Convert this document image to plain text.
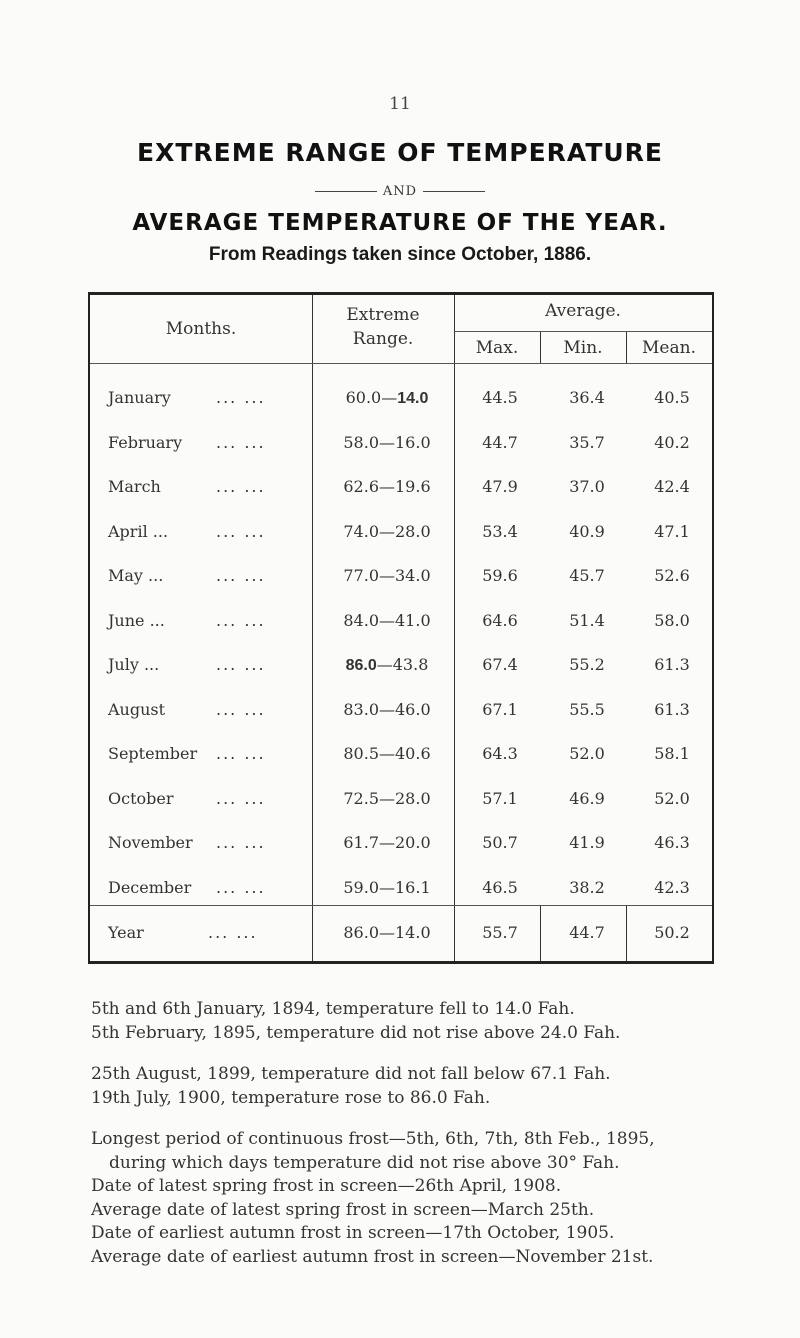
11
EXTREME RANGE OF TEMPERATURE
AND
AVERAGE TEMPERATURE OF THE YEAR.
From Readings taken since October, 1886.
Months.
Extreme Range.
Average.
Max.	Min.	Mean.
January	... ...	60.0—14.0	44.5	36.4	40.5
February ... ...	58.0—16.0	44.7	35.7	40.2
March	... ...	62.6—19.6	47.9	37.0	42.4
April ...	... ...	74.0—28.0	53.4	40.9	47.1
May ...	... ...	77.0—34.0	59.6	45.7	52.6
June ...	... ...	84.0—41.0	64.6	51.4	58.0
July ...	... ...	86.0—43.8	67.4	55.2	61.3
August	... ...	83.0—46.0	67.1	55.5	61.3
September ... ...	80.5—40.6	64.3	52.0	58.1
October	... ...	72.5—28.0	57.1	46.9	52.0
November ... ...	61.7—20.0	50.7	41.9	46.3
December ... ...	59.0—16.1	46.5	38.2	42.3
Year	... ...	86.0—14.0	55.7	44.7	50.2

5th and 6th January, 1894, temperature fell to 14.0 Fah.

5th February, 1895, temperature did not rise above 24.0 Fah.

25th August, 1899, temperature did not fall below 67.1 Fah.

19th July, 1900, temperature rose to 86.0 Fah.

Longest period of continuous frost—5th, 6th, 7th, 8th Feb., 1895,

during which days temperature did not rise above 30° Fah.

Date of latest spring frost in screen—26th April, 1908.

Average date of latest spring frost in screen—March 25th.

Date of earliest autumn frost in screen—17th October, 1905.

Average date of earliest autumn frost in screen—November 21st.
